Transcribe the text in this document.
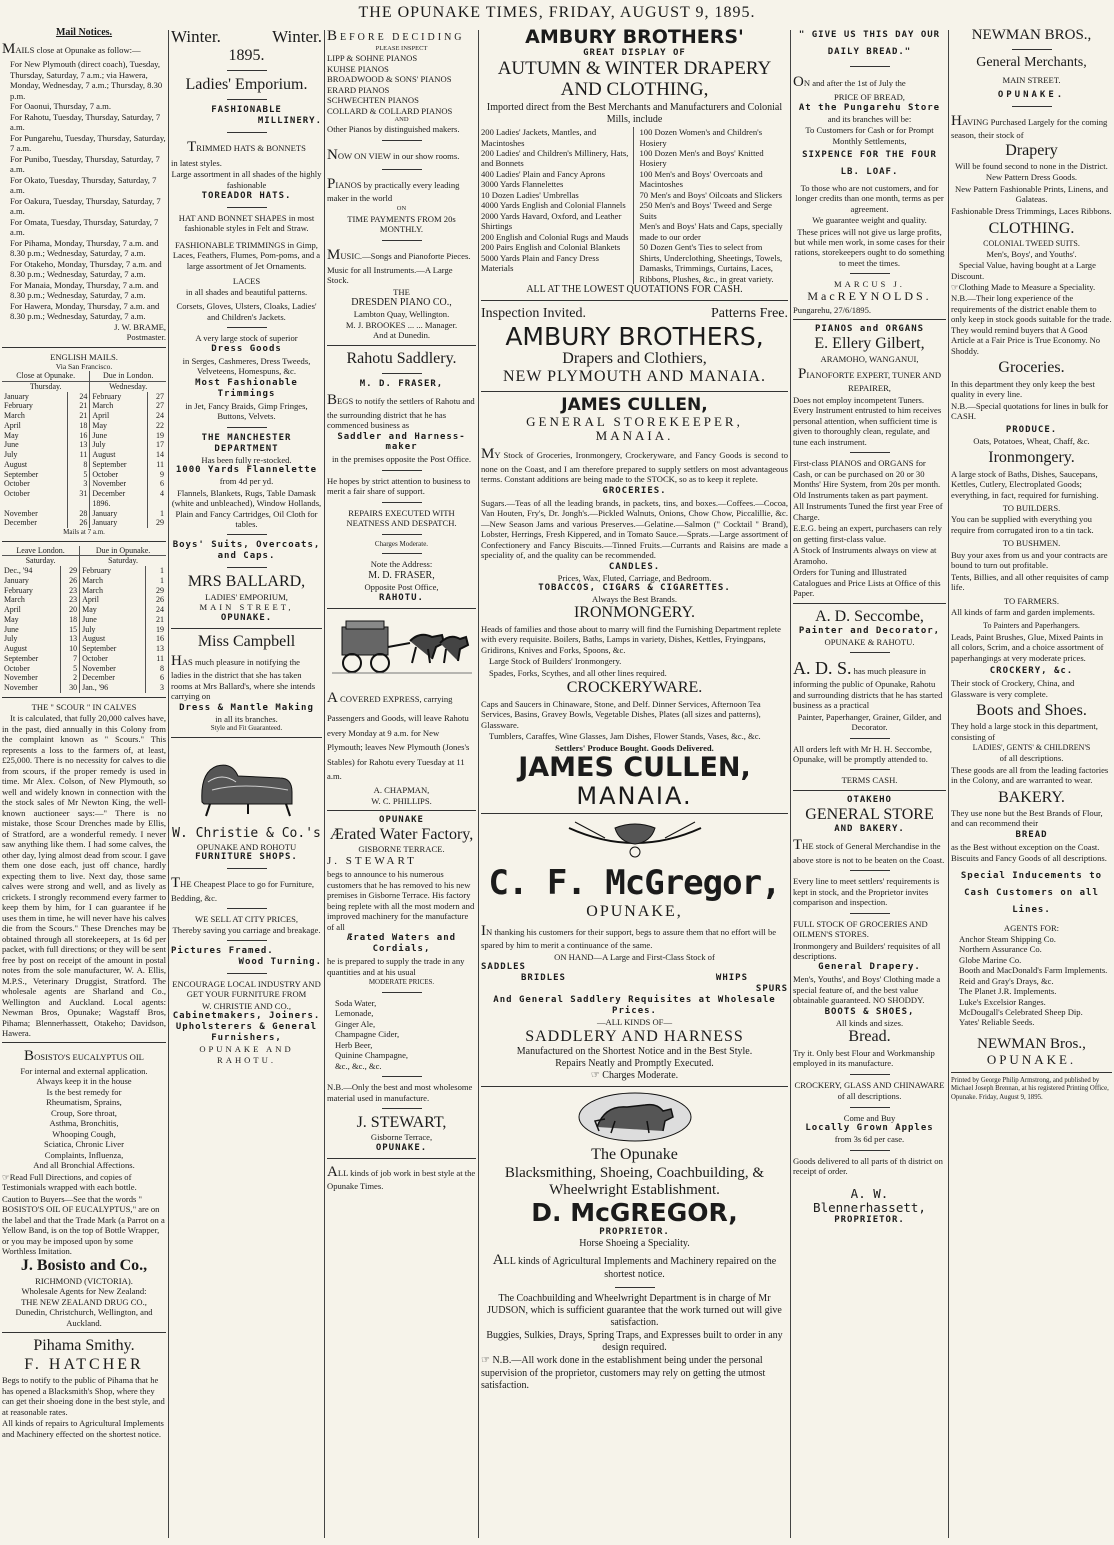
THE OPUNAKE TIMES, FRIDAY, AUGUST 9, 1895.
Mail Notices.

MAILS close at Opunake as follow:—

For New Plymouth (direct coach), Tuesday, Thursday, Saturday, 7 a.m.; via Hawera, Monday, Wednesday, 7 a.m.; Thursday, 8.30 p.m.
For Oaonui, Thursday, 7 a.m.
For Rahotu, Tuesday, Thursday, Saturday, 7 a.m.
For Pungarehu, Tuesday, Thursday, Saturday, 7 a.m.
For Punibo, Tuesday, Thursday, Saturday, 7 a.m.
For Okato, Tuesday, Thursday, Saturday, 7 a.m.
For Oakura, Tuesday, Thursday, Saturday, 7 a.m.
For Omata, Tuesday, Thursday, Saturday, 7 a.m.
For Pihama, Monday, Thursday, 7 a.m. and 8.30 p.m.; Wednesday, Saturday, 7 a.m.
For Otakeho, Monday, Thursday, 7 a.m. and 8.30 p.m.; Wednesday, Saturday, 7 a.m.
For Manaia, Monday, Thursday, 7 a.m. and 8.30 p.m.; Wednesday, Saturday, 7 a.m.
For Hawera, Monday, Thursday, 7 a.m. and 8.30 p.m.; Wednesday, Saturday, 7 a.m.
J. W. BRAME,
Postmaster.
ENGLISH MAILS.
Via San Francisco.
Close at Opunake.		Due in London.	
Thursday.		Wednesday.	
January	24	February	27
February	21	March	27
March	21	April	24
April	18	May	22
May	16	June	19
June	13	July	17
July	11	August	14
August	8	September	11
September	5	October	9
October	3	November	6
October	31	December	4
		1896.	
November	28	January	1
December	26	January	29
Mails at 7 a.m.
Leave London.		Due in Opunake.	
Saturday.		Saturday.	
Dec., '94	29	February	1
January	26	March	1
February	23	March	29
March	23	April	26
April	20	May	24
May	18	June	21
June	15	July	19
July	13	August	16
August	10	September	13
September	7	October	11
October	5	November	8
November	2	December	6
November	30	Jan., '96	3
THE " SCOUR " IN CALVES

It is calculated, that fully 20,000 calves have, in the past, died annually in this Colony from the complaint known as " Scours." This represents a loss to the farmers of, at least, £25,000. There is no necessity for calves to die from scours, if the proper remedy is used in time. Mr Alex. Colson, of New Plymouth, so well and widely known in connection with the the stock sales of Mr Newton King, the well-known auctioneer says:—" There is no mistake, those Scour Drenches made by Ellis, of Stratford, are a wonderful remedy. I never saw anything like them. I had some calves, the other day, lying almost dead from scour. I gave them one dose each, just off chance, hardly expecting them to live. Next day, those same calves were strong and well, and as lively as crickets. I strongly recommend every farmer to keep them by him, for I can guarantee if he uses them in time, he will never have his calves die from the Scours." These Drenches may be obtained through all storekeepers, at 1s 6d per packet, with full directions; or they will be sent free by post on receipt of the amount in postal notes from the sole manufacturer, W. A. Ellis, M.P.S., Veterinary Druggist, Stratford. The wholesale agents are Sharland and Co., Wellington and Auckland. Local agents: Newman Bros, Opunake; Wagstaff Bros, Pihama; Blennerhassett, Otakeho; Davidson, Hawera.

BOSISTO'S EUCALYPTUS OIL
For internal and external application.
Always keep it in the house
Is the best remedy for
Rheumatism, Sprains,
Croup, Sore throat,
Asthma, Bronchitis,
Whooping Cough,
Sciatica, Chronic Liver
Complaints, Influenza,
And all Bronchial Affections.

☞Read Full Directions, and copies of Testimonials wrapped with each bottle.

Caution to Buyers—See that the words " BOSISTO'S OIL OF EUCALYPTUS," are on the label and that the Trade Mark (a Parrot on a Yellow Band, is on the top of Bottle Wrapper, or you may be imposed upon by some Worthless Imitation.

J. Bosisto and Co.,
RICHMOND (VICTORIA).
Wholesale Agents for New Zealand:
THE NEW ZEALAND DRUG CO.,
Dunedin, Christchurch, Wellington, and Auckland.
Pihama Smithy.
F. HATCHER

Begs to notify to the public of Pihama that he has opened a Blacksmith's Shop, where they can get their shoeing done in the best style, and at reasonable rates.

All kinds of repairs to Agricultural Implements and Machinery effected on the shortest notice.

Winter.	Winter.
1895.
Ladies' Emporium.
FASHIONABLE
MILLINERY.
TRIMMED HATS & BONNETS

in latest styles.

Large assortment in all shades of the highly fashionable

TOREADOR HATS.

HAT AND BONNET SHAPES in most fashionable styles in Felt and Straw.

FASHIONABLE TRIMMINGS in Gimp, Laces, Feathers, Flumes, Pom-poms, and a large assortment of Jet Ornaments.

LACES
in all shades and beautiful patterns.

Corsets, Gloves, Ulsters, Cloaks, Ladies' and Children's Jackets.

A very large stock of superior
Dress Goods

in Serges, Cashmeres, Dress Tweeds, Velveteens, Homespuns, &c.

Most Fashionable Trimmings

in Jet, Fancy Braids, Gimp Fringes, Buttons, Velvets.

THE MANCHESTER DEPARTMENT
Has been fully re-stocked.
1000 Yards Flannelette
from 4d per yd.

Flannels, Blankets, Rugs, Table Damask (white and unbleached), Window Hollands, Plain and Fancy Cartridges, Oil Cloth for tables.

Boys' Suits, Overcoats, and Caps.
MRS BALLARD,
LADIES' EMPORIUM,
MAIN STREET,
OPUNAKE.
Miss Campbell

HAS much pleasure in notifying the ladies in the district that she has taken rooms at Mrs Ballard's, where she intends carrying on

Dress & Mantle Making
in all its branches.
Style and Fit Guaranteed.
W. Christie & Co.'s
OPUNAKE AND ROHOTU
FURNITURE SHOPS.

THE Cheapest Place to go for Furniture, Bedding, &c.

WE SELL AT CITY PRICES,
Thereby saving you carriage and breakage.
Pictures Framed.
Wood Turning.

ENCOURAGE LOCAL INDUSTRY AND GET YOUR FURNITURE FROM

W. CHRISTIE AND CO.,
Cabinetmakers, Joiners. Upholsterers & General Furnishers,
OPUNAKE AND RAHOTU.
BEFORE DECIDING
PLEASE INSPECT
LIPP & SOHNE PIANOS
KUHSE PIANOS
BROADWOOD & SONS' PIANOS
ERARD PIANOS
SCHWECHTEN PIANOS
COLLARD & COLLARD PIANOS
AND
Other Pianos by distinguished makers.

NOW ON VIEW in our show rooms.

PIANOS by practically every leading maker in the world

ON

TIME PAYMENTS FROM 20s MONTHLY.

MUSIC.—Songs and Pianoforte Pieces.

Music for all Instruments.—A Large Stock.

THE
DRESDEN PIANO CO.,
Lambton Quay, Wellington.
M. J. BROOKES ... ... Manager.
And at Dunedin.
Rahotu Saddlery.
M. D. FRASER,

BEGS to notify the settlers of Rahotu and the surrounding district that he has commenced business as

Saddler and Harness-maker

in the premises opposite the Post Office.

He hopes by strict attention to business to merit a fair share of support.

REPAIRS EXECUTED WITH NEATNESS AND DESPATCH.

Charges Moderate.
Note the Address:
M. D. FRASER,
Opposite Post Office,
RAHOTU.

A COVERED EXPRESS, carrying Passengers and Goods, will leave Rahotu every Monday at 9 a.m. for New Plymouth; leaves New Plymouth (Jones's Stables) for Rahotu every Tuesday at 11 a.m.

A. CHAPMAN,
W. C. PHILLIPS.
OPUNAKE
Ærated Water Factory,
GISBORNE TERRACE.
J. STEWART

begs to announce to his numerous customers that he has removed to his new premises in Gisborne Terrace. His factory being replete with all the most modern and improved machinery for the manufacture of all

Ærated Waters and Cordials,

he is prepared to supply the trade in any quantities and at his usual

MODERATE PRICES.
Soda Water,
Lemonade,
Ginger Ale,
Champagne Cider,
Herb Beer,
Quinine Champagne,
&c., &c., &c.

N.B.—Only the best and most wholesome material used in manufacture.

J. STEWART,
Gisborne Terrace,
OPUNAKE.

ALL kinds of job work in best style at the Opunake Times.

AMBURY BROTHERS'
GREAT DISPLAY OF
AUTUMN & WINTER DRAPERY
AND CLOTHING,

Imported direct from the Best Merchants and Manufacturers and Colonial Mills, include

200 Ladies' Jackets, Mantles, and Macintoshes
200 Ladies' and Children's Millinery, Hats, and Bonnets
400 Ladies' Plain and Fancy Aprons
3000 Yards Flannelettes
10 Dozen Ladies' Umbrellas
4000 Yards English and Colonial Flannels
2000 Yards Havard, Oxford, and Leather Shirtings
200 English and Colonial Rugs and Mauds
200 Pairs English and Colonial Blankets
5000 Yards Plain and Fancy Dress Materials
100 Dozen Women's and Children's Hosiery
100 Dozen Men's and Boys' Knitted Hosiery
100 Men's and Boys' Overcoats and Macintoshes
70 Men's and Boys' Oilcoats and Slickers
250 Men's and Boys' Tweed and Serge Suits
Men's and Boys' Hats and Caps, specially made to our order
50 Dozen Gent's Ties to select from
Shirts, Underclothing, Sheetings, Towels, Damasks, Trimmings, Curtains, Laces, Ribbons, Plushes, &c., in great variety.
ALL AT THE LOWEST QUOTATIONS FOR CASH.
Inspection Invited.	Patterns Free.
AMBURY BROTHERS,
Drapers and Clothiers,
NEW PLYMOUTH AND MANAIA.
JAMES CULLEN,
GENERAL STOREKEEPER,
MANAIA.

MY Stock of Groceries, Ironmongery, Crockeryware, and Fancy Goods is second to none on the Coast, and I am therefore prepared to supply settlers on most advantageous terms. Constant additions are being made to the STOCK, so as to keep it replete.

GROCERIES.

Sugars.—Teas of all the leading brands, in packets, tins, and boxes.—Coffees.—Cocoa, Van Houten, Fry's, Dr. Jongh's.—Pickled Walnuts, Onions, Chow Chow, Piccalillie, &c.—New Season Jams and various Preserves.—Gelatine.—Salmon (" Cocktail " Brand), Lobster, Herrings, Fresh Kippered, and in Tomato Sauce.—Sprats.—Large assortment of Confectionery and Fancy Biscuits.—Tinned Fruits.—Currants and Raisins are made a speciality of, and the quality can be recommended.

CANDLES.
Prices, Wax, Fluted, Carriage, and Bedroom.
TOBACCOS, CIGARS & CIGARETTES.
Always the Best Brands.
IRONMONGERY.

Heads of families and those about to marry will find the Furnishing Department replete with every requisite. Boilers, Baths, Lamps in variety, Dishes, Kettles, Fryingpans, Gridirons, Knives and Forks, Spoons, &c.

Large Stock of Builders' Ironmongery.

Spades, Forks, Scythes, and all other lines required.

CROCKERYWARE.

Caps and Saucers in Chinaware, Stone, and Delf. Dinner Services, Afternoon Tea Services, Basins, Gravey Bowls, Vegetable Dishes, Plates (all sizes and patterns), Glassware.

Tumblers, Caraffes, Wine Glasses, Jam Dishes, Flower Stands, Vases, &c., &c.

Settlers' Produce Bought. Goods Delivered.
JAMES CULLEN,
MANAIA.
C. F. McGregor,
OPUNAKE,

IN thanking his customers for their support, begs to assure them that no effort will be spared by him to merit a continuance of the same.

ON HAND—A Large and First-Class Stock of
SADDLES
BRIDLES	WHIPS
SPURS
And General Saddlery Requisites at Wholesale Prices.
—ALL KINDS OF—
SADDLERY AND HARNESS
Manufactured on the Shortest Notice and in the Best Style.
Repairs Neatly and Promptly Executed.
☞ Charges Moderate.
The Opunake
Blacksmithing, Shoeing, Coachbuilding, & Wheelwright Establishment.
D. McGREGOR,
PROPRIETOR.
Horse Shoeing a Speciality.

ALL kinds of Agricultural Implements and Machinery repaired on the shortest notice.

The Coachbuilding and Wheelwright Department is in charge of Mr JUDSON, which is sufficient guarantee that the work turned out will give satisfaction.

Buggies, Sulkies, Drays, Spring Traps, and Expresses built to order in any design required.

☞ N.B.—All work done in the establishment being under the personal supervision of the proprietor, customers may rely on getting the utmost satisfaction.

" GIVE US THIS DAY OUR DAILY BREAD."

ON and after the 1st of July the

PRICE OF BREAD,
At the Pungarehu Store
and its branches will be:

To Customers for Cash or for Prompt Monthly Settlements,

SIXPENCE FOR THE FOUR LB. LOAF.

To those who are not customers, and for longer credits than one month, terms as per agreement.

We guarantee weight and quality.

These prices will not give us large profits, but while men work, in some cases for their rations, storekeepers ought to do something to meet the times.

MARCUS J.
MacREYNOLDS.

Pungarehu, 27/6/1895.

PIANOS and ORGANS
E. Ellery Gilbert,
ARAMOHO, WANGANUI,

PIANOFORTE EXPERT, TUNER AND REPAIRER,

Does not employ incompetent Tuners. Every Instrument entrusted to him receives personal attention, when sufficient time is given to thoroughly clean, regulate, and tune each instrument.

First-class PIANOS and ORGANS for Cash, or can be purchased on 20 or 30 Months' Hire System, from 20s per month. Old Instruments taken as part payment.

All Instruments Tuned the first year Free of Charge.

E.E.G. being an expert, purchasers can rely on getting first-class value.

A Stock of Instruments always on view at Aramoho.

Orders for Tuning and Illustrated Catalogues and Price Lists at Office of this Paper.

A. D. Seccombe,
Painter and Decorator,
OPUNAKE & RAHOTU.

A. D. S. has much pleasure in informing the public of Opunake, Rahotu and surrounding districts that he has started business as a practical

Painter, Paperhanger, Grainer, Gilder, and Decorator.

All orders left with Mr H. H. Seccombe, Opunake, will be promptly attended to.

TERMS CASH.
OTAKEHO
GENERAL STORE
AND BAKERY.

THE stock of General Merchandise in the above store is not to be beaten on the Coast.

Every line to meet settlers' requirements is kept in stock, and the Proprietor invites comparison and inspection.

FULL STOCK OF GROCERIES AND OILMEN'S STORES.

Ironmongery and Builders' requisites of all descriptions.

General Drapery.

Men's, Youths', and Boys' Clothing made a special feature of, and the best value obtainable guaranteed. NO SHODDY.

BOOTS & SHOES,
All kinds and sizes.
Bread.

Try it. Only best Flour and Workmanship employed in its manufacture.

CROCKERY, GLASS AND CHINAWARE

of all descriptions.
Come and Buy
Locally Grown Apples
from 3s 6d per case.

Goods delivered to all parts of th district on receipt of order.

A. W. Blennerhassett,
PROPRIETOR.
NEWMAN BROS.,
General Merchants,
MAIN STREET.
OPUNAKE.

HAVING Purchased Largely for the coming season, their stock of

Drapery

Will be found second to none in the District.

New Pattern Dress Goods.

New Pattern Fashionable Prints, Linens, and Galateas.

Fashionable Dress Trimmings, Laces Ribbons.

CLOTHING.
COLONIAL TWEED SUITS.
Men's, Boys', and Youths'.

Special Value, having bought at a Large Discount.

☞Clothing Made to Measure a Speciality.

N.B.—Their long experience of the requirements of the district enable them to only keep in stock goods suitable for the trade. They would remind buyers that A Good Article at a Fair Price is True Economy. No Shoddy.

Groceries.

In this department they only keep the best quality in every line.

N.B.—Special quotations for lines in bulk for CASH.

PRODUCE.
Oats, Potatoes, Wheat, Chaff, &c.
Ironmongery.

A large stock of Baths, Dishes, Saucepans, Kettles, Cutlery, Electroplated Goods; everything, in fact, required for furnishing.

TO BUILDERS.

You can be supplied with everything you require from corrugated iron to a tin tack.

TO BUSHMEN.

Buy your axes from us and your contracts are bound to turn out profitable.

Tents, Billies, and all other requisites of camp life.

TO FARMERS.

All kinds of farm and garden implements.

To Painters and Paperhangers.

Leads, Paint Brushes, Glue, Mixed Paints in all colors, Scrim, and a choice assortment of paperhangings at very moderate prices.

CROCKERY, &c.

Their stock of Crockery, China, and Glassware is very complete.

Boots and Shoes.

They hold a large stock in this department, consisting of

LADIES', GENTS' & CHILDREN'S
of all descriptions.

These goods are all from the leading factories in the Colony, and are warranted to wear.

BAKERY.

They use none but the Best Brands of Flour, and can recommend their

BREAD

as the Best without exception on the Coast.

Biscuits and Fancy Goods of all descriptions.

Special Inducements to Cash Customers on all Lines.
AGENTS FOR:
Anchor Steam Shipping Co.
Northern Assurance Co.
Globe Marine Co.
Booth and MacDonald's Farm Implements.
Reid and Gray's Drays, &c.
The Planet J.R. Implements.
Luke's Excelsior Ranges.
McDougall's Celebrated Sheep Dip.
Yates' Reliable Seeds.
NEWMAN Bros.,
OPUNAKE.

Printed by George Philip Armstrong, and published by Michael Joseph Brennan, at his registered Printing Office, Opunake. Friday, August 9, 1895.
